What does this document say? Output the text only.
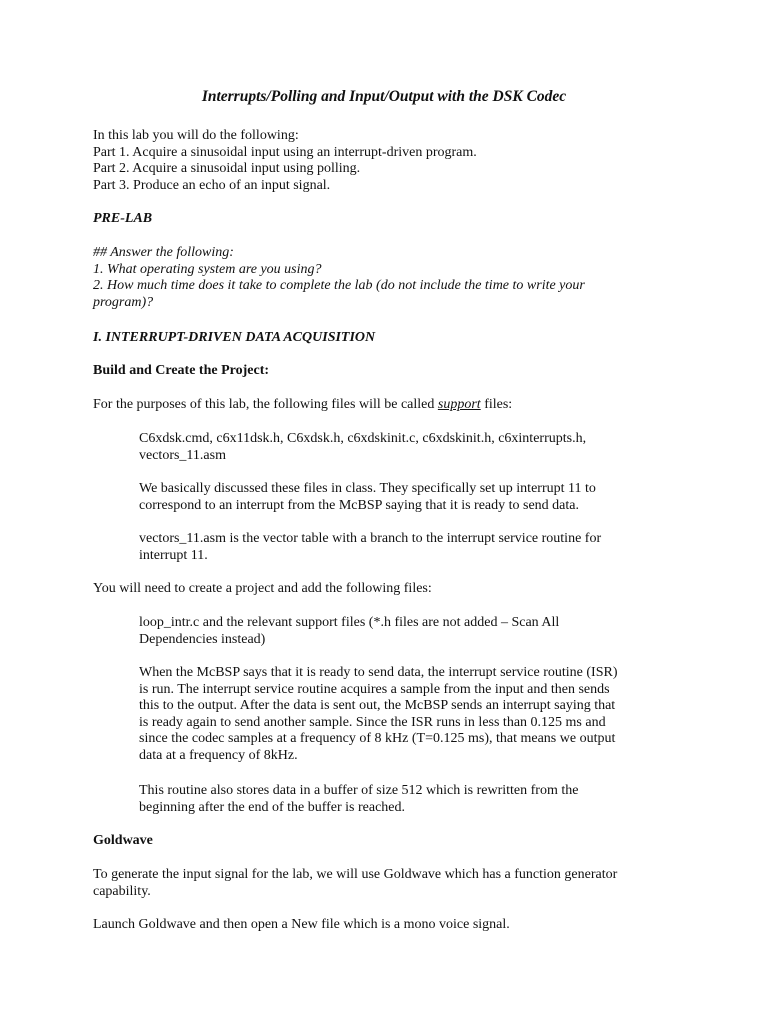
Interrupts/Polling and Input/Output with the DSK Codec
In this lab you will do the following:
Part 1. Acquire a sinusoidal input using an interrupt-driven program.
Part 2. Acquire a sinusoidal input using polling.
Part 3. Produce an echo of an input signal.
PRE-LAB
## Answer the following:
1. What operating system are you using?
2. How much time does it take to complete the lab (do not include the time to write your
program)?
I. INTERRUPT-DRIVEN DATA ACQUISITION
Build and Create the Project:
For the purposes of this lab, the following files will be called support files:
C6xdsk.cmd, c6x11dsk.h, C6xdsk.h, c6xdskinit.c, c6xdskinit.h, c6xinterrupts.h,
vectors_11.asm
We basically discussed these files in class. They specifically set up interrupt 11 to
correspond to an interrupt from the McBSP saying that it is ready to send data.
vectors_11.asm is the vector table with a branch to the interrupt service routine for
interrupt 11.
You will need to create a project and add the following files:
loop_intr.c and the relevant support files (*.h files are not added – Scan All
Dependencies instead)
When the McBSP says that it is ready to send data, the interrupt service routine (ISR)
is run. The interrupt service routine acquires a sample from the input and then sends
this to the output. After the data is sent out, the McBSP sends an interrupt saying that
is ready again to send another sample. Since the ISR runs in less than 0.125 ms and
since the codec samples at a frequency of 8 kHz (T=0.125 ms), that means we output
data at a frequency of 8kHz.
This routine also stores data in a buffer of size 512 which is rewritten from the
beginning after the end of the buffer is reached.
Goldwave
To generate the input signal for the lab, we will use Goldwave which has a function generator
capability.
Launch Goldwave and then open a New file which is a mono voice signal.
